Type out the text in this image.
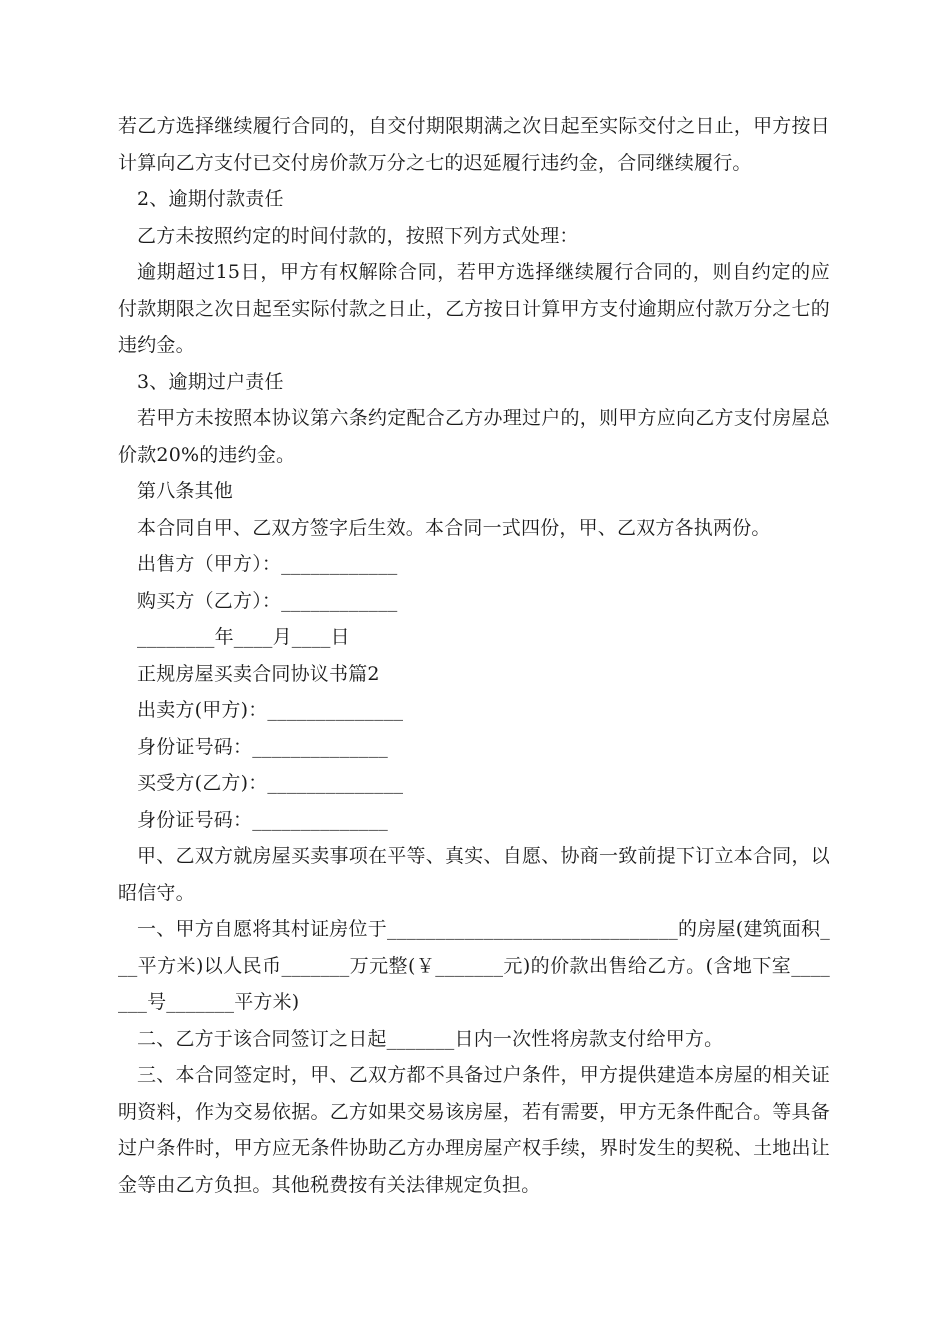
若乙方选择继续履行合同的，自交付期限期满之次日起至实际交付之日止，甲方按日计算向乙方支付已交付房价款万分之七的迟延履行违约金，合同继续履行。

2、逾期付款责任

乙方未按照约定的时间付款的，按照下列方式处理：

逾期超过15日，甲方有权解除合同，若甲方选择继续履行合同的，则自约定的应付款期限之次日起至实际付款之日止，乙方按日计算甲方支付逾期应付款万分之七的违约金。

3、逾期过户责任

若甲方未按照本协议第六条约定配合乙方办理过户的，则甲方应向乙方支付房屋总价款20%的违约金。

第八条其他

本合同自甲、乙双方签字后生效。本合同一式四份，甲、乙双方各执两份。

出售方（甲方）：____________

购买方（乙方）：____________

________年____月____日

正规房屋买卖合同协议书篇2

出卖方(甲方)：______________

身份证号码：______________

买受方(乙方)：______________

身份证号码：______________

甲、乙双方就房屋买卖事项在平等、真实、自愿、协商一致前提下订立本合同，以昭信守。

一、甲方自愿将其村证房位于______________________________的房屋(建筑面积___平方米)以人民币_______万元整(￥_______元)的价款出售给乙方。(含地下室_______号_______平方米)

二、乙方于该合同签订之日起_______日内一次性将房款支付给甲方。

三、本合同签定时，甲、乙双方都不具备过户条件，甲方提供建造本房屋的相关证明资料，作为交易依据。乙方如果交易该房屋，若有需要，甲方无条件配合。等具备过户条件时，甲方应无条件协助乙方办理房屋产权手续，界时发生的契税、土地出让金等由乙方负担。其他税费按有关法律规定负担。
